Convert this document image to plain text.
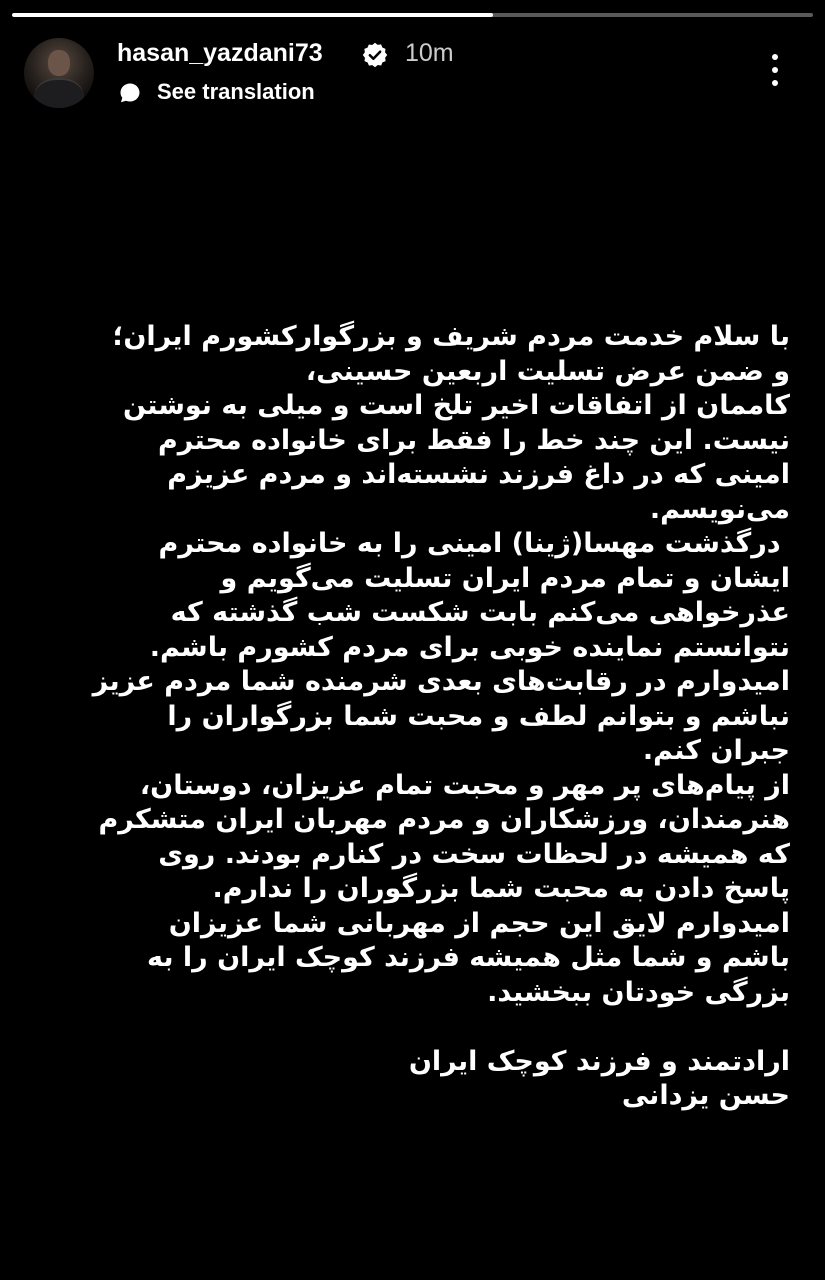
hasan_yazdani73	10m
See translation
با سلام خدمت مردم شریف و بزرگوارکشورم ایران؛
و ضمن عرض تسلیت اربعین حسینی،
کاممان از اتفاقات اخیر تلخ است و میلی به نوشتن
نیست. این چند خط را فقط برای خانواده محترم
امینی که در داغ فرزند نشسته‌اند و مردم عزیزم
می‌نویسم.
درگذشت مهسا(ژینا) امینی را به خانواده محترم
ایشان و تمام مردم ایران تسلیت می‌گویم و
عذرخواهی می‌کنم بابت شکست شب گذشته که
نتوانستم نماینده خوبی برای مردم کشورم باشم.
امیدوارم در رقابت‌های بعدی شرمنده شما مردم عزیز
نباشم و بتوانم لطف و محبت شما بزرگواران را
جبران کنم.
از پیام‌های پر مهر و محبت تمام عزیزان، دوستان،
هنرمندان، ورزشکاران و مردم مهربان ایران متشکرم
که همیشه در لحظات سخت در کنارم بودند. روی
پاسخ دادن به محبت شما بزرگوران را ندارم.
امیدوارم لایق این حجم از مهربانی شما عزیزان
باشم و شما مثل همیشه فرزند کوچک ایران را به
بزرگی خودتان ببخشید.

ارادتمند و فرزند کوچک ایران
حسن یزدانی
